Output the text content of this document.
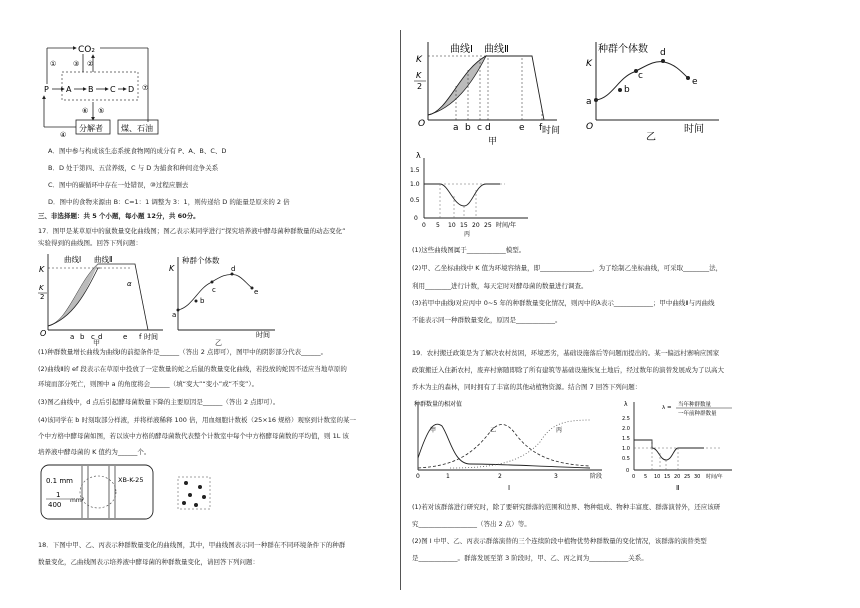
CO₂
P A B C D
① ③ ②
⑦
分解者 煤、石油
⑥
④
⑤
A．图中参与构成该生态系统食物网的成分有 P、A、B、C、D
B．D 处于第四、五营养级，C 与 D 为捕食和种间竞争关系
C．图中的碳循环中存在一处错误，⑩过程应删去
D．图中的食物来源由 B：C=1：1 调整为 3：1，则传递给 D 的能量是原来的 2 倍
三、非选择题：共 5 个小题，每小题 12分，共 60分。
17．图甲是某草原中的鼠数量变化曲线图；图乙表示某同学进行“探究培养液中酵母菌种群数量的动态变化”
实验得到的曲线图。回答下列问题：
O
K
K
2
曲线Ⅰ 曲线Ⅱ
α
a b c d	e f 时间
甲
种群个体数
K
a
b
c
d
e
时间
乙
(1)种群数量增长曲线为曲线Ⅰ的前提条件是______（答出 2 点即可），图甲中的阴影部分代表______。
(2)曲线Ⅱ的 ef 段表示在草原中投放了一定数量的蛇之后鼠的数量变化曲线，若投放的蛇因不适应当地草原的
环境而部分死亡，则图中 a 的角度将会______（填“变大”“变小”或“不变”）。
(3)图乙曲线中，d 点后引起酵母菌数量下降的主要原因是______（答出 2 点即可）。
(4)该同学在 b 时刻取部分样液，并将样液稀释 100 倍，用血细胞计数板（25×16 规格）观察到计数室的某一
个中方格中酵母菌如图，若以该中方格的酵母菌数代表整个计数室中每个中方格酵母菌数的平均值，则 1L 该
培养液中酵母菌的 K 值约为______个。
0.1 mm
1
400
mm²
XB-K-25
18．下图中甲、乙、丙表示种群数量变化的曲线图，其中，甲曲线图表示同一种群在不同环境条件下的种群
数量变化，乙曲线图表示培养液中酵母菌的种群数量变化，请回答下列问题：
O
K
K
2
曲线Ⅰ 曲线Ⅱ
a b c d	e f 时间
甲
种群个体数
K
O
a
b
c
d
e
时间
乙
λ
1.5
1.0
0.5
0
0 5 10 15 20 25 时间/年
丙
(1)这些曲线图属于____________模型。
(2)甲、乙坐标曲线中 K 值为环境容纳量，即________________，为了绘制乙坐标曲线，可采取________法，
利用________进行计数，每天定时对酵母菌的数量进行调查。
(3)若甲中曲线Ⅰ对应丙中 0~5 年的种群数量变化情况，则丙中的λ表示____________；甲中曲线Ⅱ与丙曲线
不能表示同一种群数量变化，原因是____________。
19．农村搬迁政策是为了解决农村贫困，环境恶劣，基础设施落后等问题而提出的。某一偏远村寨响应国家
政策搬迁入住新农村，废弃村寨随即除了所有建筑等基础设施恢复土地后，经过数年的演替发展成为了以高大
乔木为主的森林，同时拥有了丰富的其他动植物资源。结合图 7 回答下列问题：
种群数量的相对值
甲	乙	丙
0	1	2	3	阶段
Ⅰ
λ	λ = 当年种群数量
一年前种群数量
2.5
2.0
1.5
1.0
0.5
0
0 5 10 15 20 25 30 时间/年
Ⅱ
(1)若对该群落进行研究时，除了要研究群落的范围和边界、物种组成、物种丰富度、群落演替外，还应该研
究__________________（答出 2 点）等。
(2)图 I 中甲、乙、丙表示群落演替的三个连续阶段中植物优势种群数量的变化情况，该群落的演替类型
是____________。群落发展至第 3 阶段时，甲、乙、丙之间为____________关系。
